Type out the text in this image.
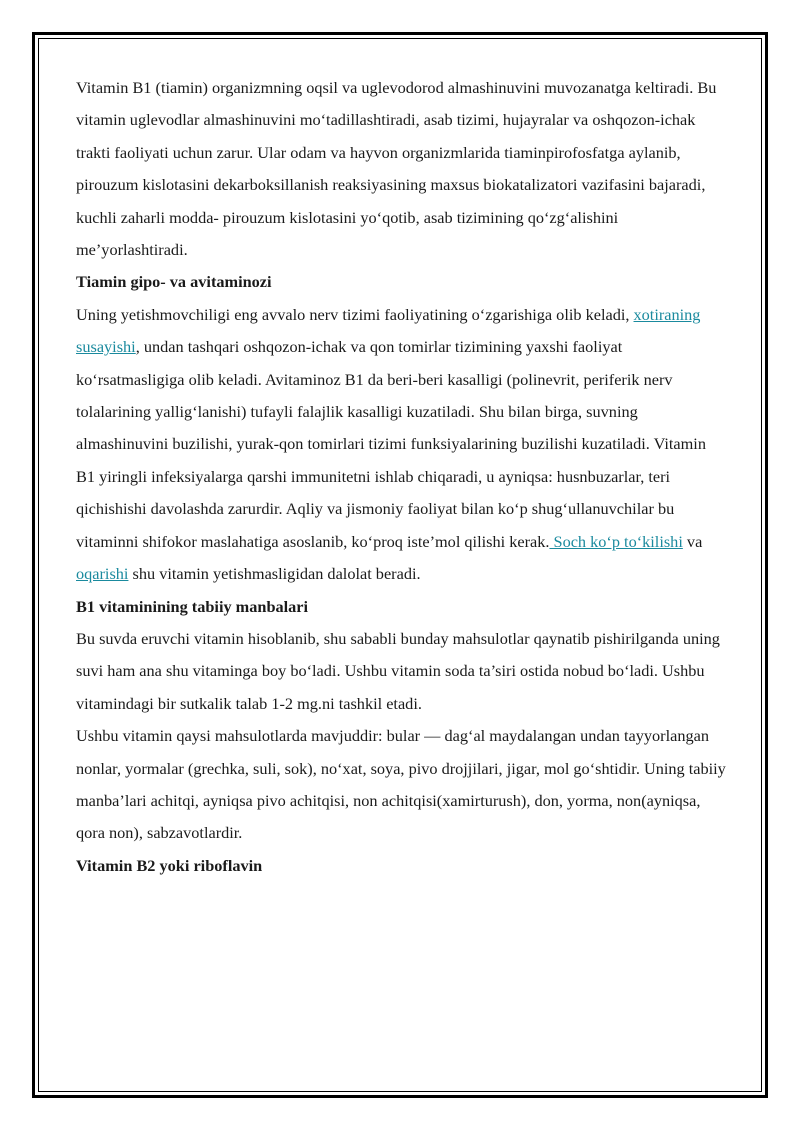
Vitamin B1 (tiamin) organizmning oqsil va uglevodorod almashinuvini muvozanatga keltiradi. Bu vitamin uglevodlar almashinuvini mo‘tadillashtiradi, asab tizimi, hujayralar va oshqozon-ichak trakti faoliyati uchun zarur. Ular odam va hayvon organizmlarida tiaminpirofosfatga aylanib, pirouzum kislotasini dekarboksillanish reaksiyasining maxsus biokatalizatori vazifasini bajaradi, kuchli zaharli modda- pirouzum kislotasini yo‘qotib, asab tizimining qo‘zg‘alishini me’yorlashtiradi.

Tiamin gipo- va avitaminozi

Uning yetishmovchiligi eng avvalo nerv tizimi faoliyatining o‘zgarishiga olib keladi, xotiraning susayishi, undan tashqari oshqozon-ichak va qon tomirlar tizimining yaxshi faoliyat ko‘rsatmasligiga olib keladi. Avitaminoz B1 da beri-beri kasalligi (polinevrit, periferik nerv tolalarining yallig‘lanishi) tufayli falajlik kasalligi kuzatiladi. Shu bilan birga, suvning almashinuvini buzilishi, yurak-qon tomirlari tizimi funksiyalarining buzilishi kuzatiladi. Vitamin B1 yiringli infeksiyalarga qarshi immunitetni ishlab chiqaradi, u ayniqsa: husnbuzarlar, teri qichishishi davolashda zarurdir. Aqliy va jismoniy faoliyat bilan ko‘p shug‘ullanuvchilar bu vitaminni shifokor maslahatiga asoslanib, ko‘proq iste’mol qilishi kerak. Soch ko‘p to‘kilishi va oqarishi shu vitamin yetishmasligidan dalolat beradi.

B1 vitaminining tabiiy manbalari

Bu suvda eruvchi vitamin hisoblanib, shu sababli bunday mahsulotlar qaynatib pishirilganda uning suvi ham ana shu vitaminga boy bo‘ladi. Ushbu vitamin soda ta’siri ostida nobud bo‘ladi. Ushbu vitamindagi bir sutkalik talab 1-2 mg.ni tashkil etadi.

Ushbu vitamin qaysi mahsulotlarda mavjuddir: bular — dag‘al maydalangan undan tayyorlangan nonlar, yormalar (grechka, suli, sok), no‘xat, soya, pivo drojjilari, jigar, mol go‘shtidir. Uning tabiiy manba’lari achitqi, ayniqsa pivo achitqisi, non achitqisi(xamirturush), don, yorma, non(ayniqsa, qora non), sabzavotlardir.

Vitamin B2 yoki riboflavin
